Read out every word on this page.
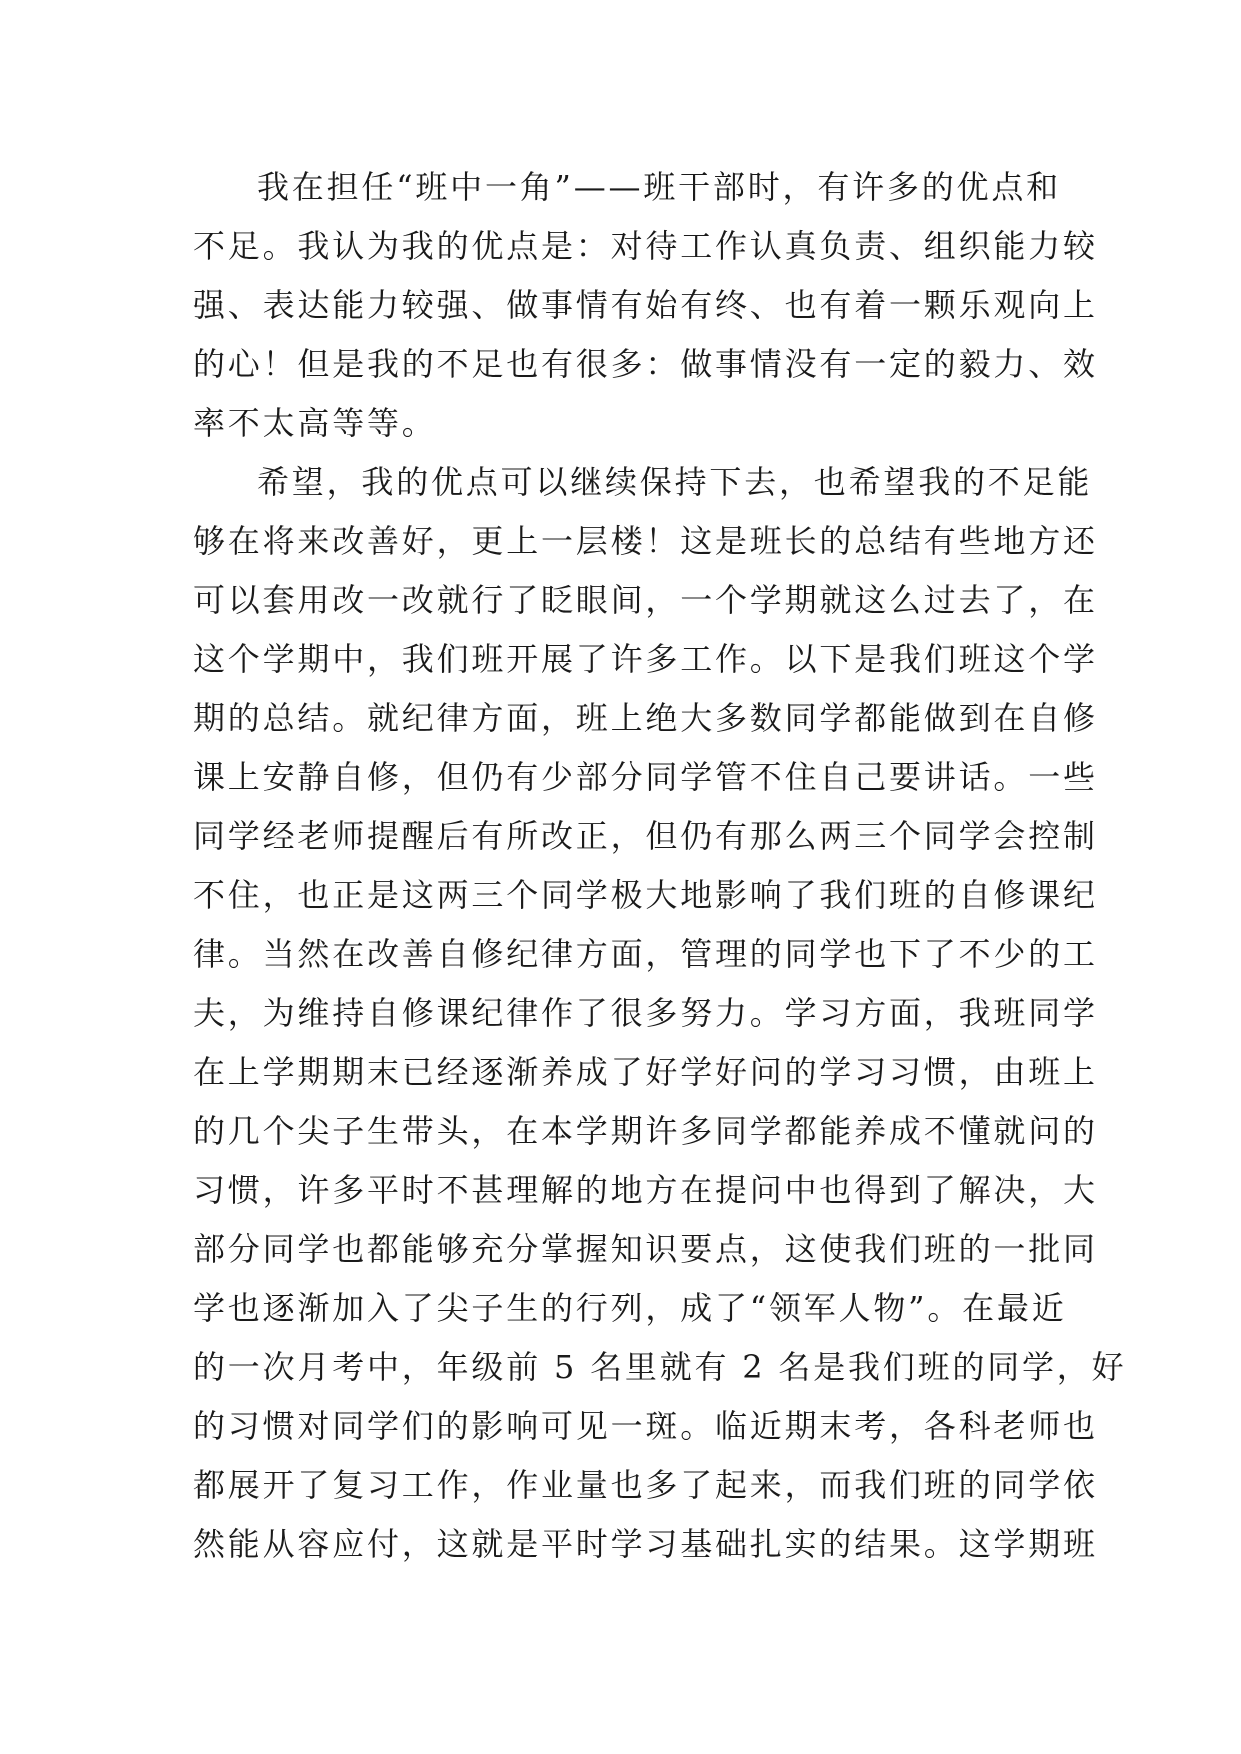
我在担任“班中一角”——班干部时，有许多的优点和
不足。我认为我的优点是：对待工作认真负责、组织能力较
强、表达能力较强、做事情有始有终、也有着一颗乐观向上
的心！但是我的不足也有很多：做事情没有一定的毅力、效
率不太高等等。
希望，我的优点可以继续保持下去，也希望我的不足能
够在将来改善好，更上一层楼！这是班长的总结有些地方还
可以套用改一改就行了眨眼间，一个学期就这么过去了，在
这个学期中，我们班开展了许多工作。以下是我们班这个学
期的总结。就纪律方面，班上绝大多数同学都能做到在自修
课上安静自修，但仍有少部分同学管不住自己要讲话。一些
同学经老师提醒后有所改正，但仍有那么两三个同学会控制
不住，也正是这两三个同学极大地影响了我们班的自修课纪
律。当然在改善自修纪律方面，管理的同学也下了不少的工
夫，为维持自修课纪律作了很多努力。学习方面，我班同学
在上学期期末已经逐渐养成了好学好问的学习习惯，由班上
的几个尖子生带头，在本学期许多同学都能养成不懂就问的
习惯，许多平时不甚理解的地方在提问中也得到了解决，大
部分同学也都能够充分掌握知识要点，这使我们班的一批同
学也逐渐加入了尖子生的行列，成了“领军人物”。在最近
的一次月考中，年级前 5 名里就有 2 名是我们班的同学，好
的习惯对同学们的影响可见一斑。临近期末考，各科老师也
都展开了复习工作，作业量也多了起来，而我们班的同学依
然能从容应付，这就是平时学习基础扎实的结果。这学期班
